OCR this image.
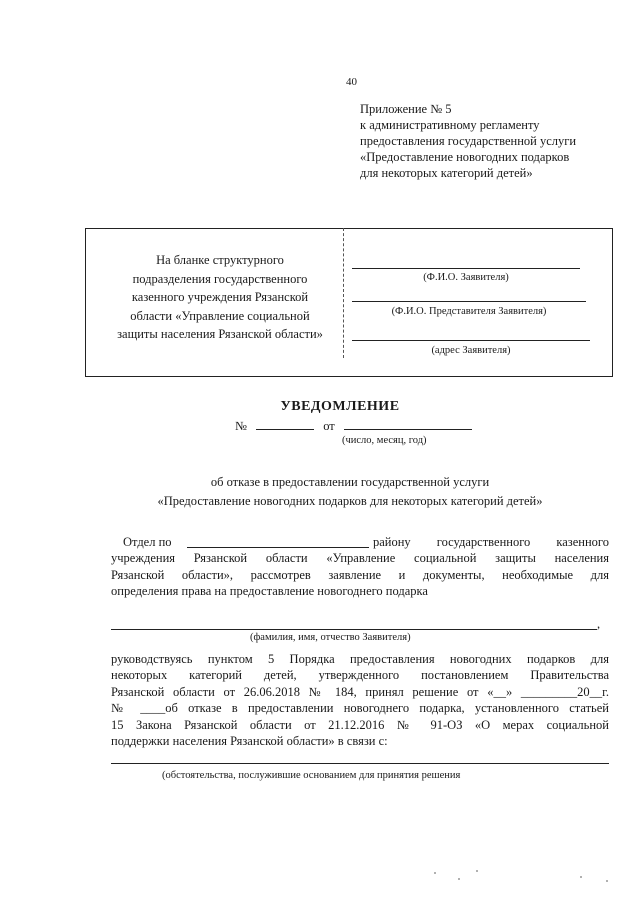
40
Приложение № 5
к административному регламенту
предоставления государственной услуги
«Предоставление новогодних подарков
для некоторых категорий детей»
На бланке структурного
подразделения государственного
казенного учреждения Рязанской
области «Управление социальной
защиты населения Рязанской области»
(Ф.И.О. Заявителя)
(Ф.И.О. Представителя Заявителя)
(адрес Заявителя)
УВЕДОМЛЕНИЕ
№	от
(число, месяц, год)
об отказе в предоставлении государственной услуги
«Предоставление новогодних подарков для некоторых категорий детей»
Отдел по	району государственного казенного
учреждения Рязанской области «Управление социальной защиты населения
Рязанской области», рассмотрев заявление и документы, необходимые для
определения права на предоставление новогоднего подарка
,
(фамилия, имя, отчество Заявителя)
руководствуясь пунктом 5 Порядка предоставления новогодних подарков для
некоторых категорий детей, утвержденного постановлением Правительства
Рязанской области от 26.06.2018 № 184, принял решение от «__» _________20__г.
№ ____об отказе в предоставлении новогоднего подарка, установленного статьей
15 Закона Рязанской области от 21.12.2016 № 91-ОЗ «О мерах социальной
поддержки населения Рязанской области» в связи с:
(обстоятельства, послужившие основанием для принятия решения
